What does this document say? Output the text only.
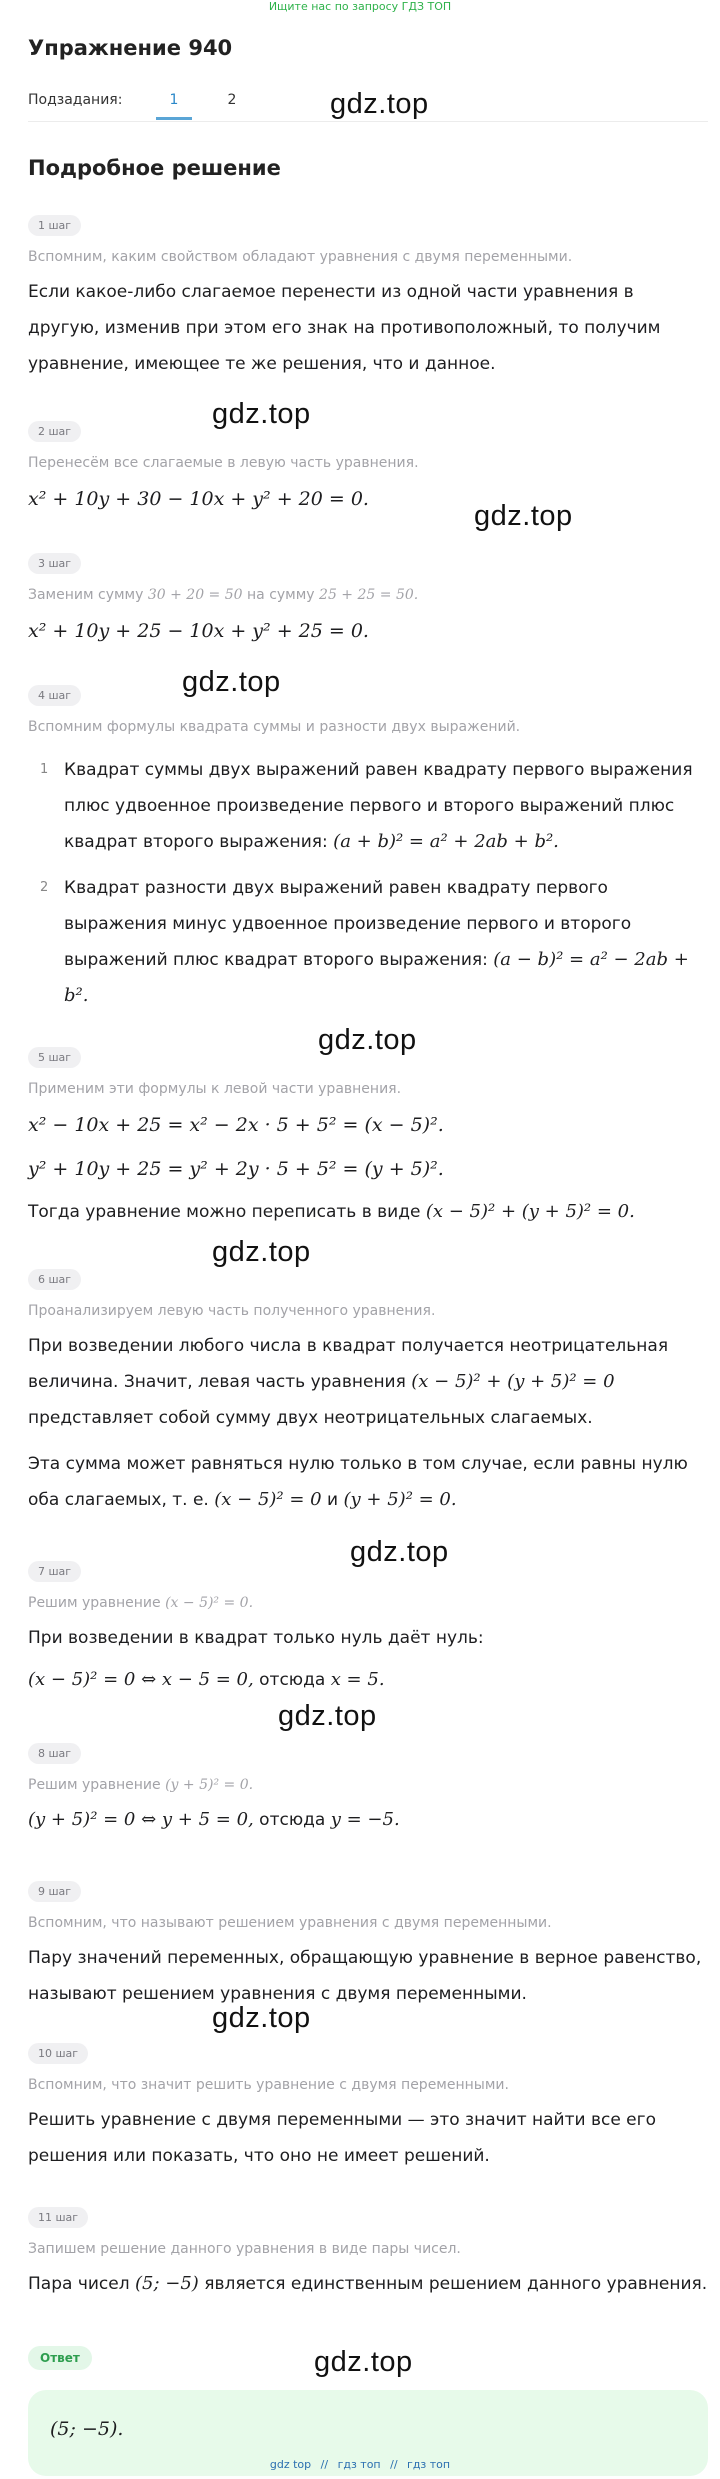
Ищите нас по запросу ГДЗ ТОП
Упражнение 940
Подзадания:	1	2
Подробное решение
1 шаг
Вспомним, каким свойством обладают уравнения с двумя переменными.
Если какое-либо слагаемое перенести из одной части уравнения в другую, изменив при этом его знак на противоположный, то получим уравнение, имеющее те же решения, что и данное.
2 шаг
Перенесём все слагаемые в левую часть уравнения.
x² + 10y + 30 − 10x + y² + 20 = 0.
3 шаг
Заменим сумму 30 + 20 = 50 на сумму 25 + 25 = 50.
x² + 10y + 25 − 10x + y² + 25 = 0.
4 шаг
Вспомним формулы квадрата суммы и разности двух выражений.
1 Квадрат суммы двух выражений равен квадрату первого выражения плюс удвоенное произведение первого и второго выражений плюс квадрат второго выражения: (a + b)² = a² + 2ab + b².
2 Квадрат разности двух выражений равен квадрату первого выражения минус удвоенное произведение первого и второго выражений плюс квадрат второго выражения: (a − b)² = a² − 2ab + b².
5 шаг
Применим эти формулы к левой части уравнения.
x² − 10x + 25 = x² − 2x · 5 + 5² = (x − 5)².
y² + 10y + 25 = y² + 2y · 5 + 5² = (y + 5)².
Тогда уравнение можно переписать в виде (x − 5)² + (y + 5)² = 0.
6 шаг
Проанализируем левую часть полученного уравнения.
При возведении любого числа в квадрат получается неотрицательная величина. Значит, левая часть уравнения (x − 5)² + (y + 5)² = 0 представляет собой сумму двух неотрицательных слагаемых.
Эта сумма может равняться нулю только в том случае, если равны нулю оба слагаемых, т. е. (x − 5)² = 0 и (y + 5)² = 0.
7 шаг
Решим уравнение (x − 5)² = 0.
При возведении в квадрат только нуль даёт нуль:
(x − 5)² = 0 ⇔ x − 5 = 0, отсюда x = 5.
8 шаг
Решим уравнение (y + 5)² = 0.
(y + 5)² = 0 ⇔ y + 5 = 0, отсюда y = −5.
9 шаг
Вспомним, что называют решением уравнения с двумя переменными.
Пару значений переменных, обращающую уравнение в верное равенство, называют решением уравнения с двумя переменными.
10 шаг
Вспомним, что значит решить уравнение с двумя переменными.
Решить уравнение с двумя переменными — это значит найти все его решения или показать, что оно не имеет решений.
11 шаг
Запишем решение данного уравнения в виде пары чисел.
Пара чисел (5; −5) является единственным решением данного уравнения.
Ответ
(5; −5).
gdz.top
gdz.top
gdz.top
gdz.top
gdz.top
gdz.top
gdz.top
gdz.top
gdz.top
gdz.top
gdz top // гдз топ // гдз топ
